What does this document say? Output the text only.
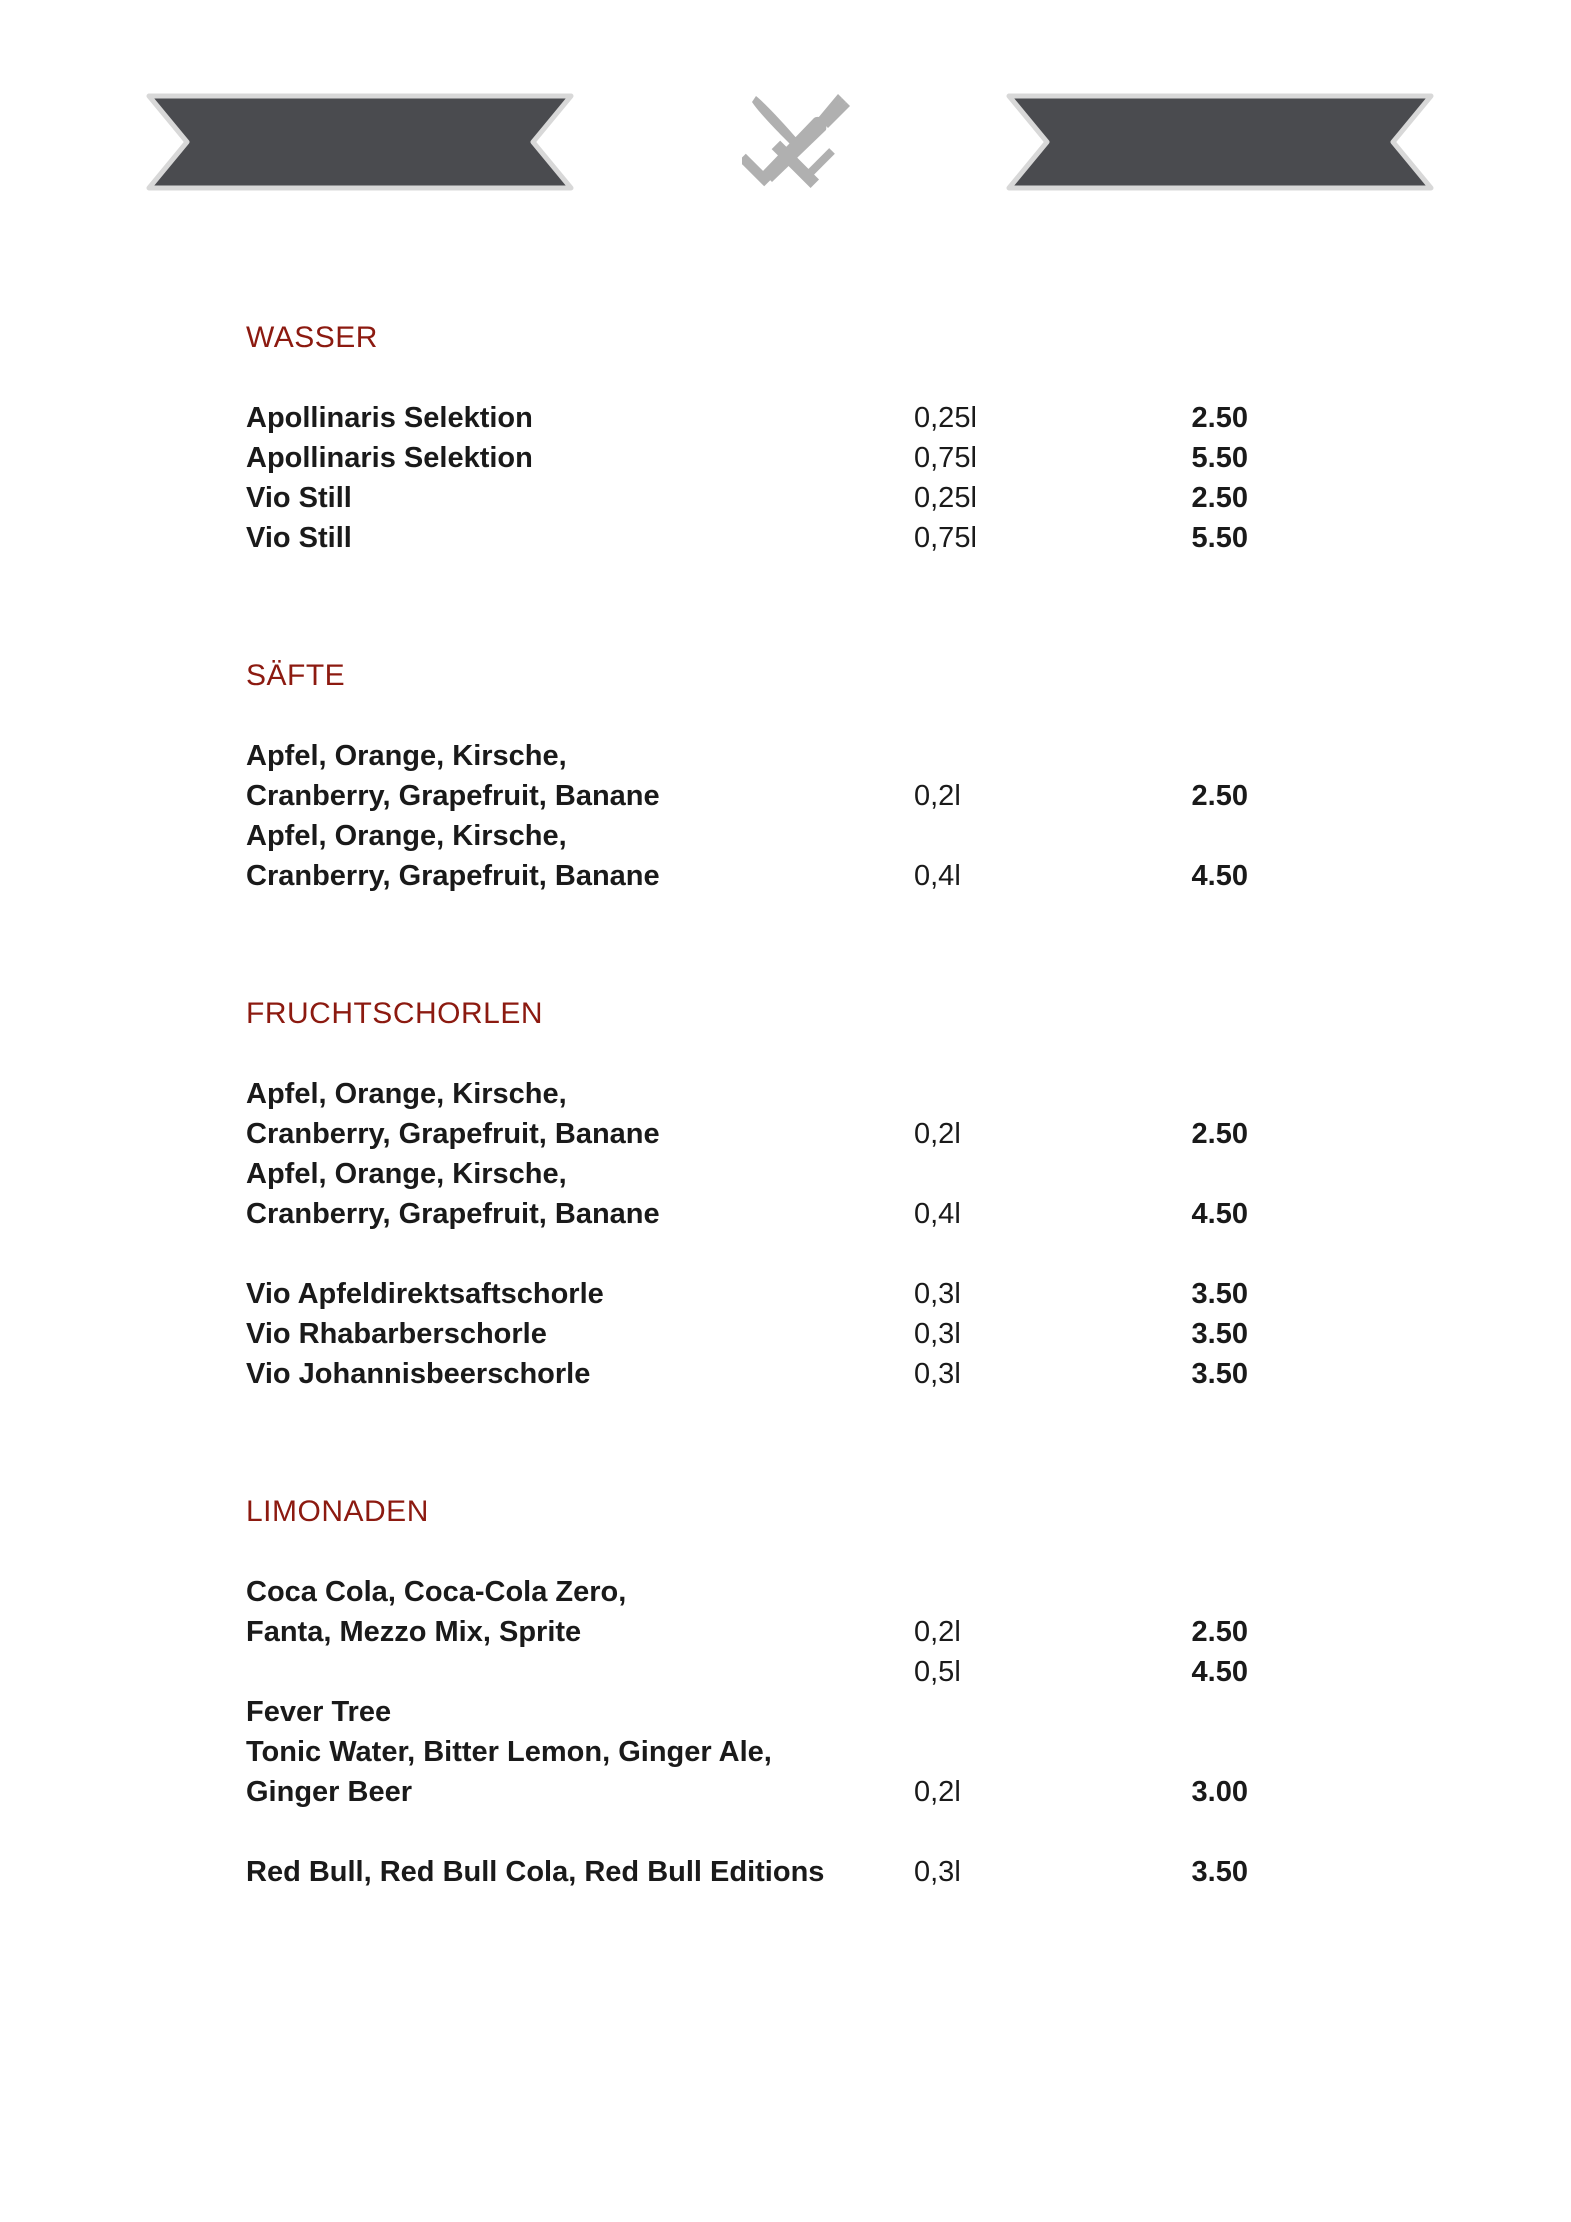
WASSER
Apollinaris Selektion	0,25l	2.50
Apollinaris Selektion	0,75l	5.50
Vio Still	0,25l	2.50
Vio Still	0,75l	5.50
SÄFTE
Apfel, Orange, Kirsche,
Cranberry, Grapefruit, Banane	0,2l	2.50
Apfel, Orange, Kirsche,
Cranberry, Grapefruit, Banane	0,4l	4.50
FRUCHTSCHORLEN
Apfel, Orange, Kirsche,
Cranberry, Grapefruit, Banane	0,2l	2.50
Apfel, Orange, Kirsche,
Cranberry, Grapefruit, Banane	0,4l	4.50
Vio Apfeldirektsaftschorle	0,3l	3.50
Vio Rhabarberschorle	0,3l	3.50
Vio Johannisbeerschorle	0,3l	3.50
LIMONADEN
Coca Cola, Coca-Cola Zero,
Fanta, Mezzo Mix, Sprite	0,2l	2.50
0,5l	4.50
Fever Tree
Tonic Water, Bitter Lemon, Ginger Ale,
Ginger Beer	0,2l	3.00
Red Bull, Red Bull Cola, Red Bull Editions	0,3l	3.50
